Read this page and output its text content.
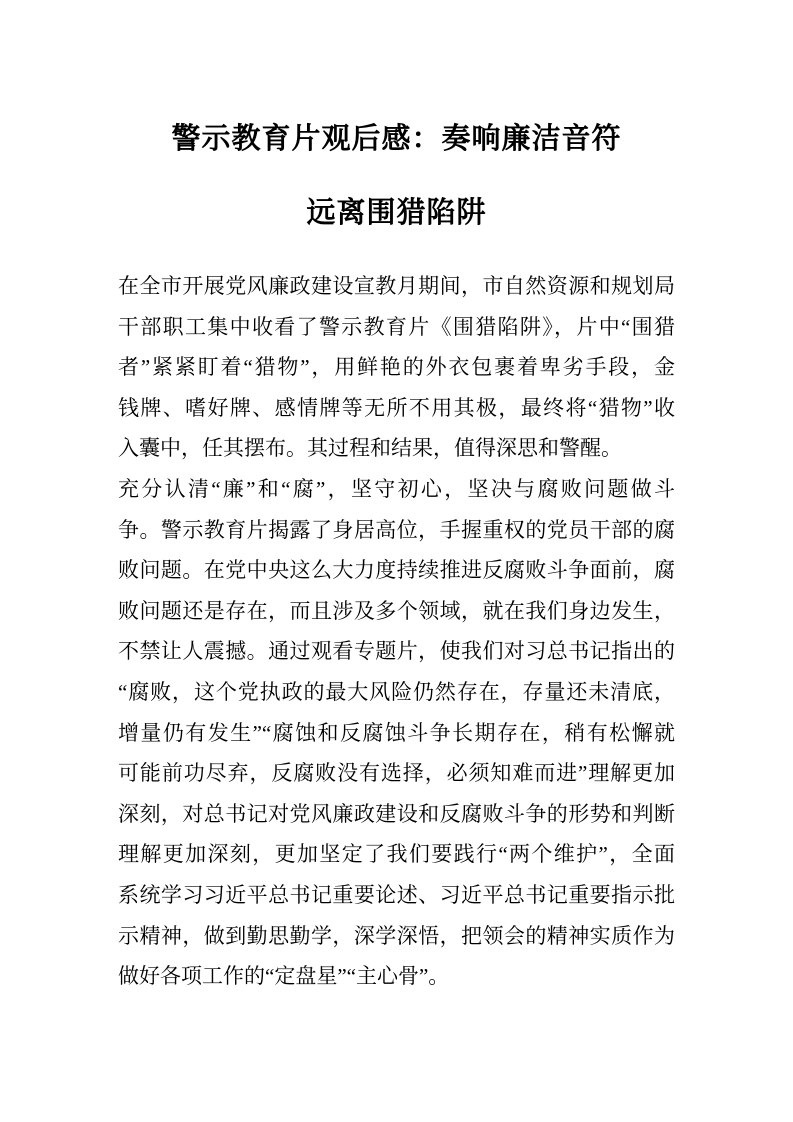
警示教育片观后感：奏响廉洁音符
远离围猎陷阱
在全市开展党风廉政建设宣教月期间，市自然资源和规划局
干部职工集中收看了警示教育片《围猎陷阱》，片中“围猎
者”紧紧盯着“猎物”，用鲜艳的外衣包裹着卑劣手段，金
钱牌、嗜好牌、感情牌等无所不用其极，最终将“猎物”收
入囊中，任其摆布。其过程和结果，值得深思和警醒。
充分认清“廉”和“腐”，坚守初心，坚决与腐败问题做斗
争。警示教育片揭露了身居高位，手握重权的党员干部的腐
败问题。在党中央这么大力度持续推进反腐败斗争面前，腐
败问题还是存在，而且涉及多个领域，就在我们身边发生，
不禁让人震撼。通过观看专题片，使我们对习总书记指出的
“腐败，这个党执政的最大风险仍然存在，存量还未清底，
增量仍有发生”“腐蚀和反腐蚀斗争长期存在，稍有松懈就
可能前功尽弃，反腐败没有选择，必须知难而进”理解更加
深刻，对总书记对党风廉政建设和反腐败斗争的形势和判断
理解更加深刻，更加坚定了我们要践行“两个维护”，全面
系统学习习近平总书记重要论述、习近平总书记重要指示批
示精神，做到勤思勤学，深学深悟，把领会的精神实质作为
做好各项工作的“定盘星”“主心骨”。
